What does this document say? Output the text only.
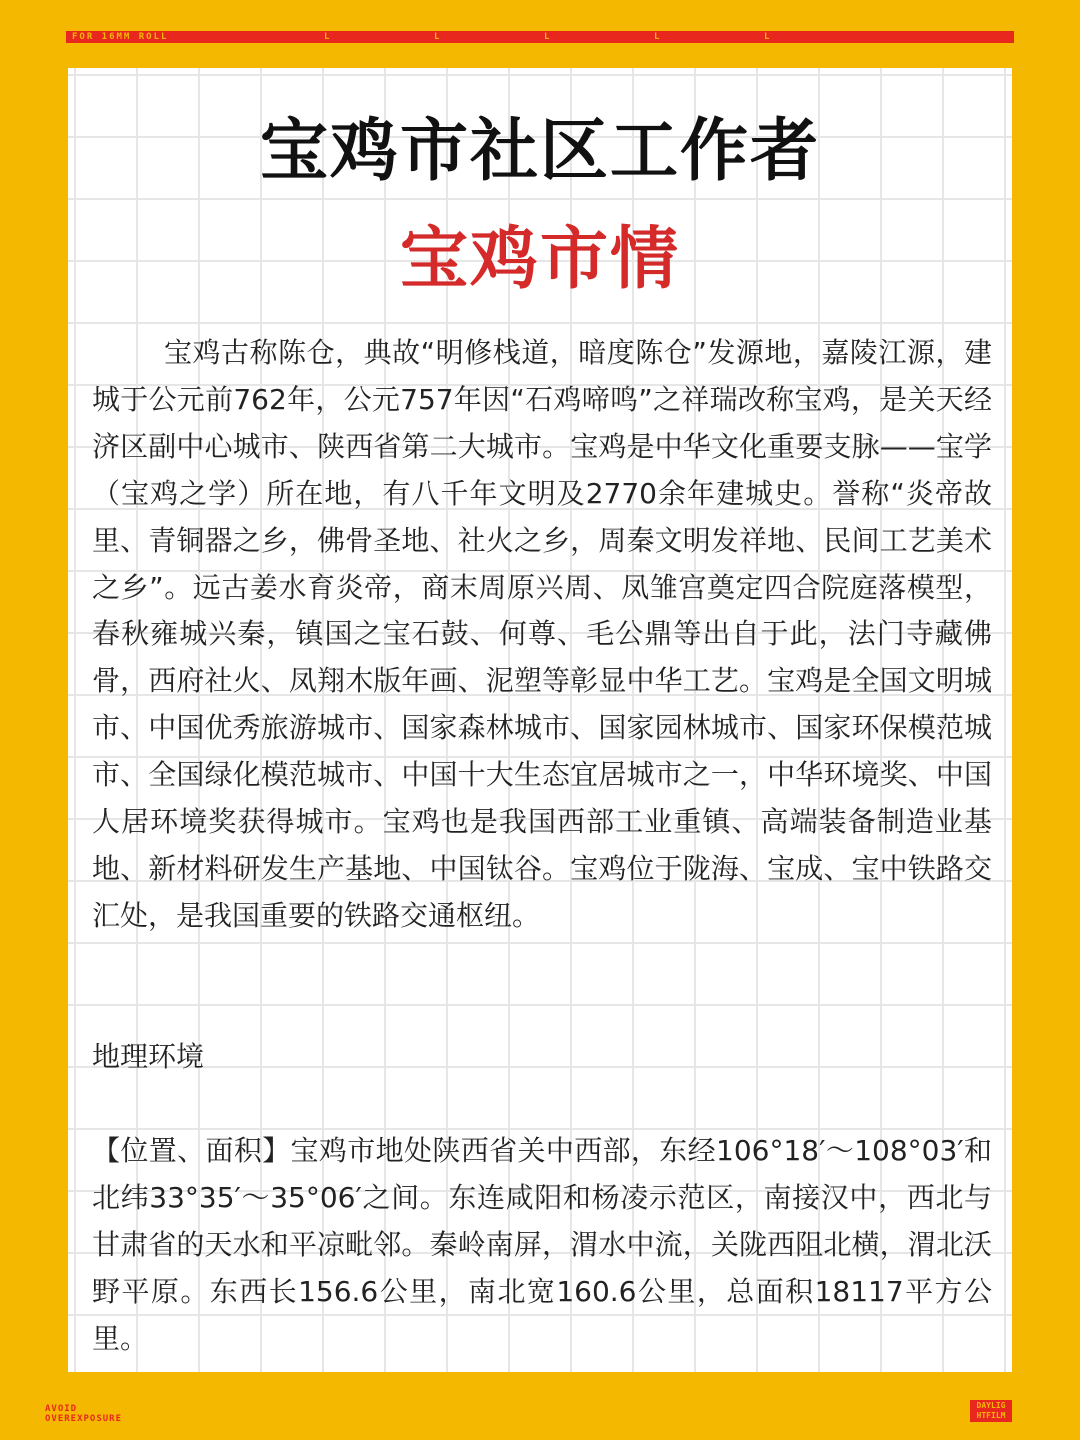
FOR 16MM ROLL	L	L	L	L	L
宝鸡市社区工作者
宝鸡市情

宝鸡古称陈仓，典故“明修栈道，暗度陈仓”发源地，嘉陵江源，建城于公元前762年，公元757年因“石鸡啼鸣”之祥瑞改称宝鸡，是关天经济区副中心城市、陕西省第二大城市。宝鸡是中华文化重要支脉——宝学（宝鸡之学）所在地，有八千年文明及2770余年建城史。誉称“炎帝故里、青铜器之乡，佛骨圣地、社火之乡，周秦文明发祥地、民间工艺美术之乡”。远古姜水育炎帝，商末周原兴周、凤雏宫奠定四合院庭落模型，春秋雍城兴秦，镇国之宝石鼓、何尊、毛公鼎等出自于此，法门寺藏佛骨，西府社火、凤翔木版年画、泥塑等彰显中华工艺。宝鸡是全国文明城市、中国优秀旅游城市、国家森林城市、国家园林城市、国家环保模范城市、全国绿化模范城市、中国十大生态宜居城市之一，中华环境奖、中国人居环境奖获得城市。宝鸡也是我国西部工业重镇、高端装备制造业基地、新材料研发生产基地、中国钛谷。宝鸡位于陇海、宝成、宝中铁路交汇处，是我国重要的铁路交通枢纽。

地理环境

【位置、面积】宝鸡市地处陕西省关中西部，东经106°18′～108°03′和北纬33°35′～35°06′之间。东连咸阳和杨凌示范区，南接汉中，西北与甘肃省的天水和平凉毗邻。秦岭南屏，渭水中流，关陇西阻北横，渭北沃野平原。东西长156.6公里，南北宽160.6公里，总面积18117平方公里。

AVOID
OVEREXPOSURE
DAYLIG
HTFILM
